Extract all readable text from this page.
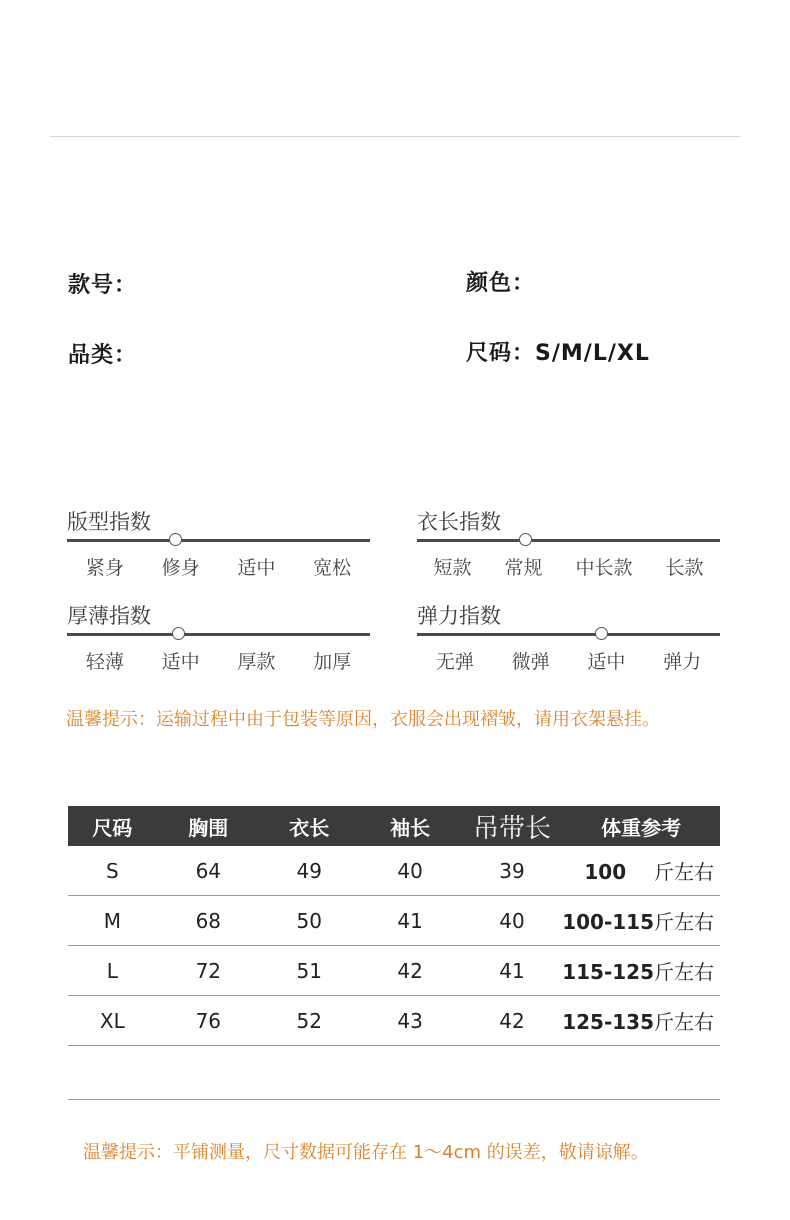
款号：	颜色：
品类：	尺码：S/M/L/XL
版型指数
紧身 修身 适中 宽松
衣长指数
短款 常规 中长款 长款
厚薄指数
轻薄 适中 厚款 加厚
弹力指数
无弹 微弹 适中 弹力
温馨提示：运输过程中由于包装等原因，衣服会出现褶皱，请用衣架悬挂。
尺码	胸围	衣长	袖长	吊带长	体重参考
S	64	49	40	39	100 斤左右
M	68	50	41	40	100-115斤左右
L	72	51	42	41	115-125斤左右
XL	76	52	43	42	125-135斤左右
温馨提示：平铺测量，尺寸数据可能存在 1～4cm 的误差，敬请谅解。
